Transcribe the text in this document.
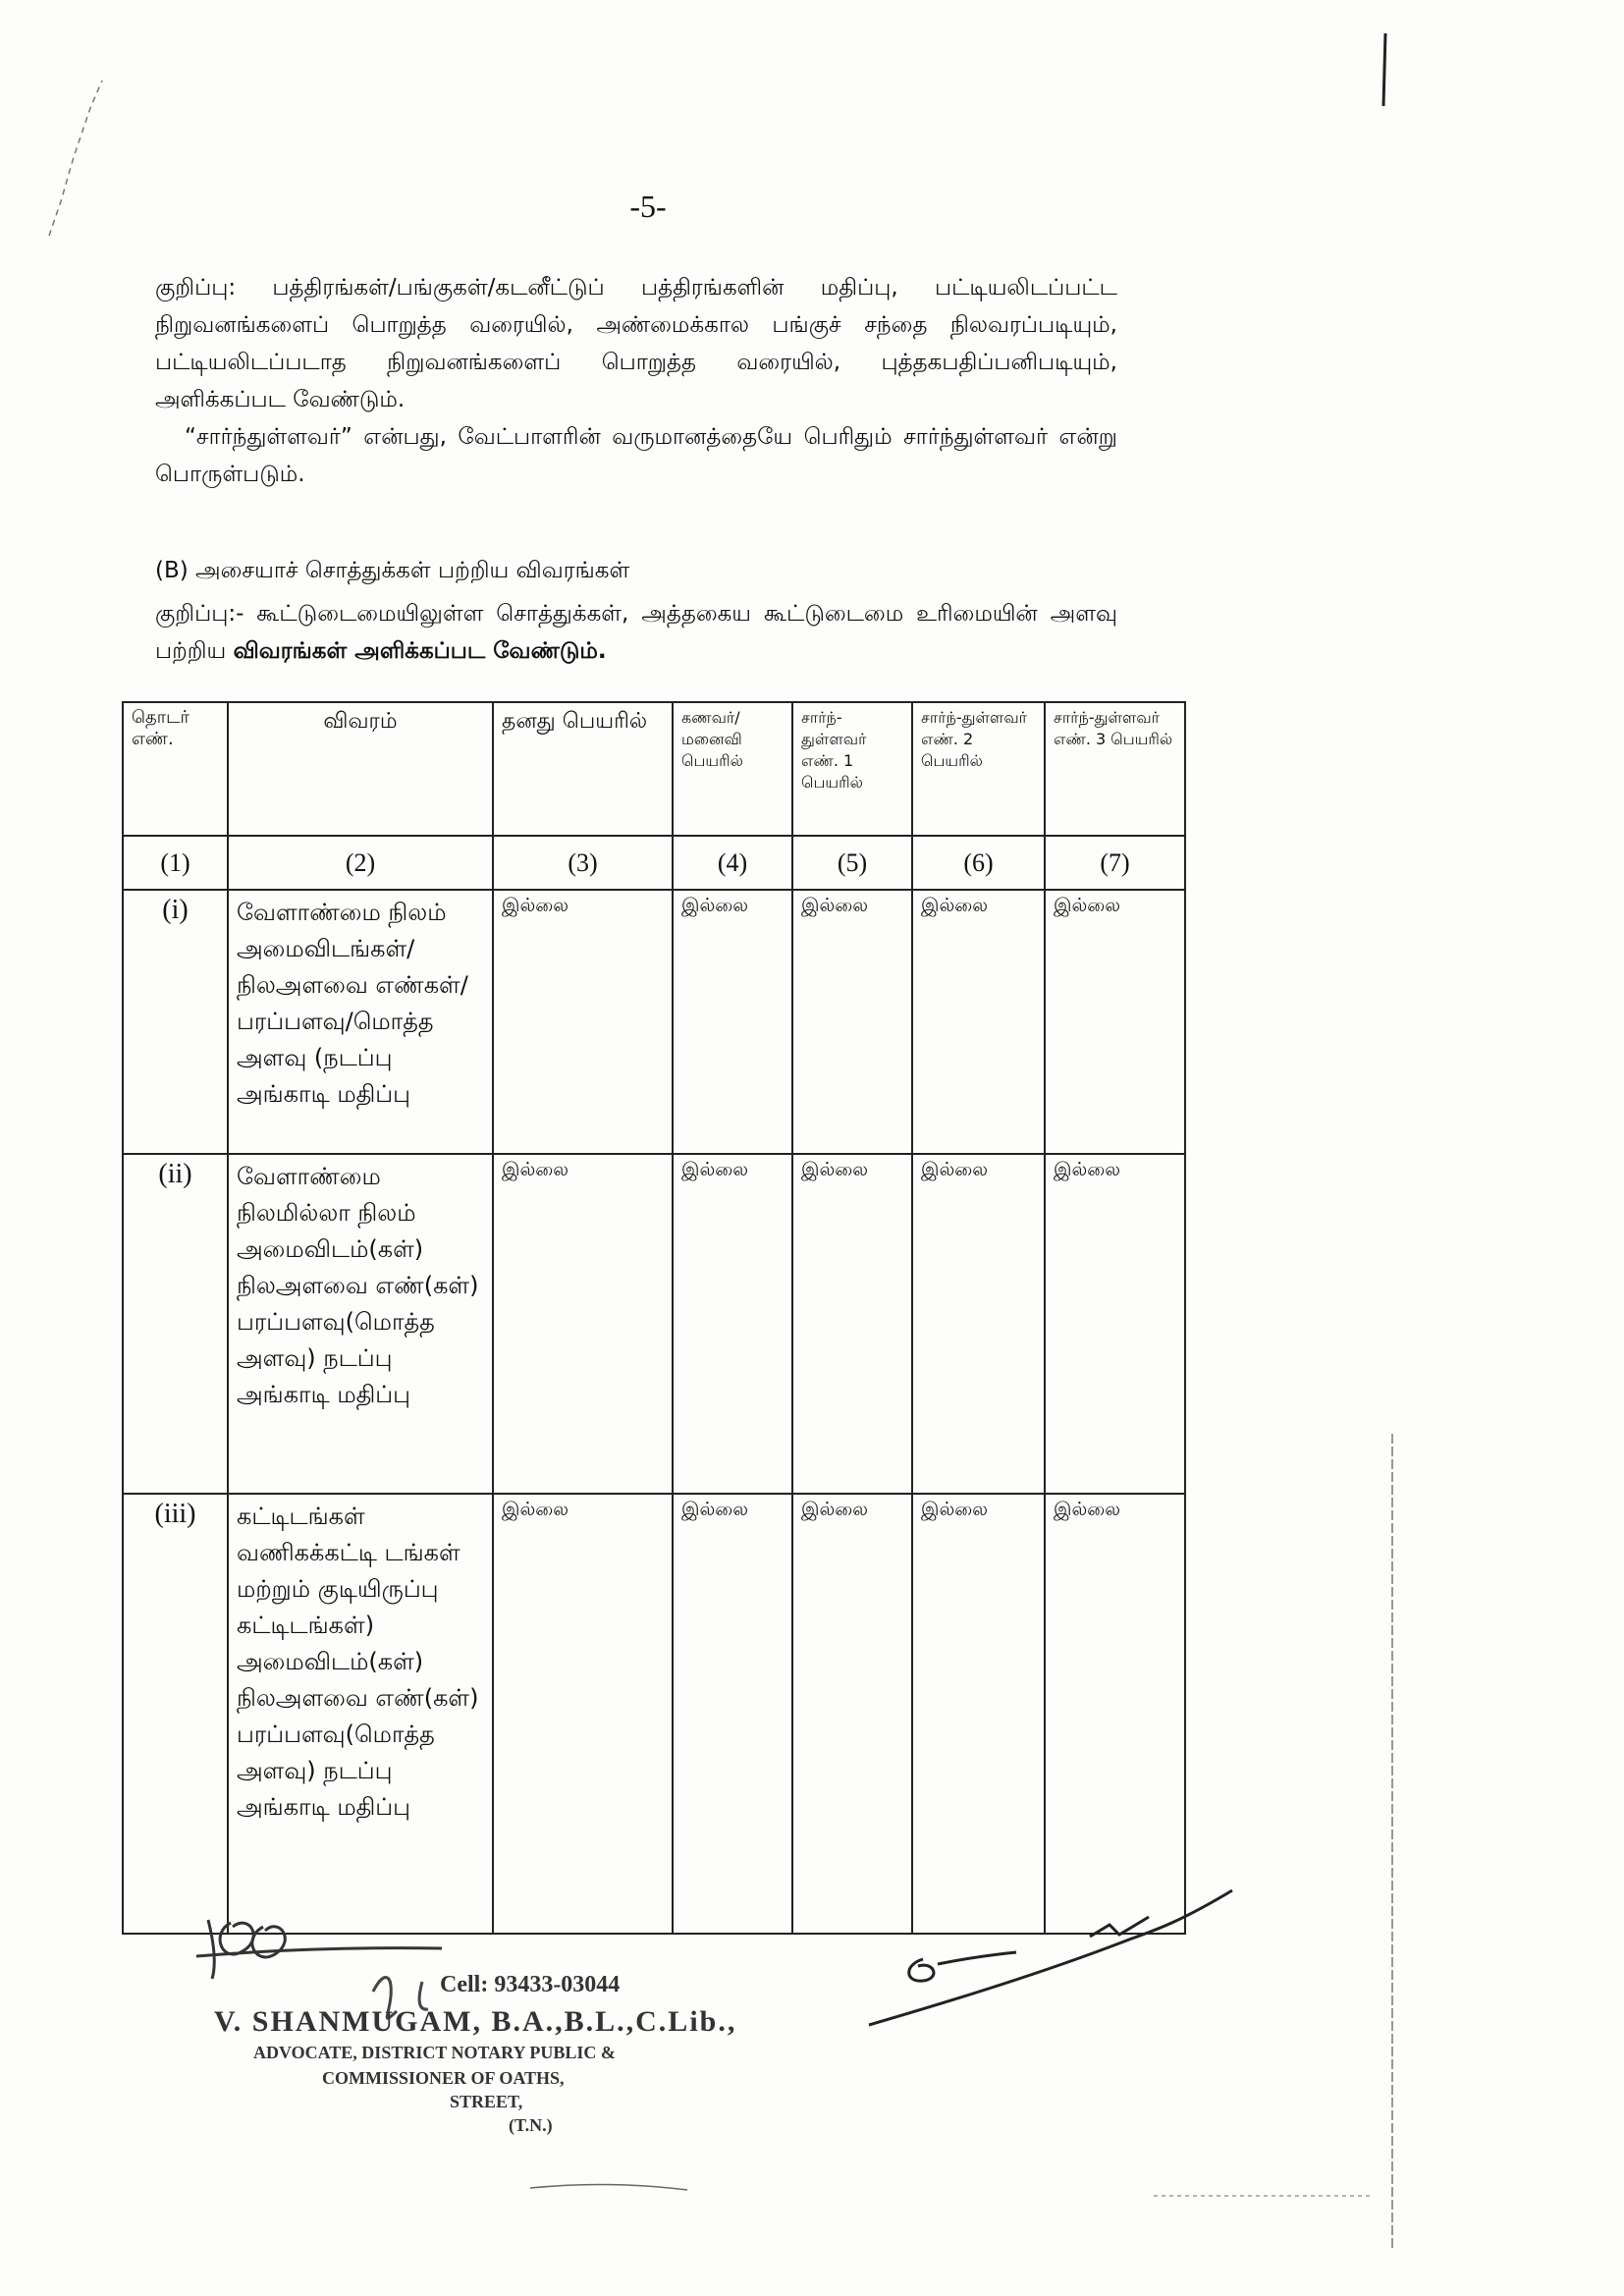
-5-
குறிப்பு: பத்திரங்கள்/பங்குகள்/கடனீட்டுப் பத்திரங்களின் மதிப்பு, பட்டியலிடப்பட்ட நிறுவனங்களைப் பொறுத்த வரையில், அண்மைக்கால பங்குச் சந்தை நிலவரப்படியும், பட்டியலிடப்படாத நிறுவனங்களைப் பொறுத்த வரையில், புத்தகபதிப்பனிபடியும், அளிக்கப்பட வேண்டும்.
“சார்ந்துள்ளவர்” என்பது, வேட்பாளரின் வருமானத்தையே பெரிதும் சார்ந்துள்ளவர் என்று பொருள்படும்.
(B) அசையாச் சொத்துக்கள் பற்றிய விவரங்கள்
குறிப்பு:- கூட்டுடைமையிலுள்ள சொத்துக்கள், அத்தகைய கூட்டுடைமை உரிமையின் அளவு பற்றிய விவரங்கள் அளிக்கப்பட வேண்டும்.
தொடர் எண்.	விவரம்	தனது பெயரில்	கணவர்/ மனைவி பெயரில்	சார்ந்-துள்ளவர் எண். 1 பெயரில்	சார்ந்-துள்ளவர் எண். 2 பெயரில்	சார்ந்-துள்ளவர் எண். 3 பெயரில்
(1)	(2)	(3)	(4)	(5)	(6)	(7)
(i)	வேளாண்மை நிலம் அமைவிடங்கள்/ நிலஅளவை எண்கள்/ பரப்பளவு/மொத்த அளவு (நடப்பு அங்காடி மதிப்பு	இல்லை	இல்லை	இல்லை	இல்லை	இல்லை
(ii)	வேளாண்மை நிலமில்லா நிலம் அமைவிடம்(கள்) நிலஅளவை எண்(கள்) பரப்பளவு(மொத்த அளவு) நடப்பு அங்காடி மதிப்பு	இல்லை	இல்லை	இல்லை	இல்லை	இல்லை
(iii)	கட்டிடங்கள் வணிகக்கட்டி டங்கள் மற்றும் குடியிருப்பு கட்டிடங்கள்) அமைவிடம்(கள்) நிலஅளவை எண்(கள்) பரப்பளவு(மொத்த அளவு) நடப்பு அங்காடி மதிப்பு	இல்லை	இல்லை	இல்லை	இல்லை	இல்லை
Cell: 93433-03044
V. SHANMUGAM, B.A.,B.L.,C.Lib.,
ADVOCATE, DISTRICT NOTARY PUBLIC &
COMMISSIONER OF OATHS,
STREET,
(T.N.)
